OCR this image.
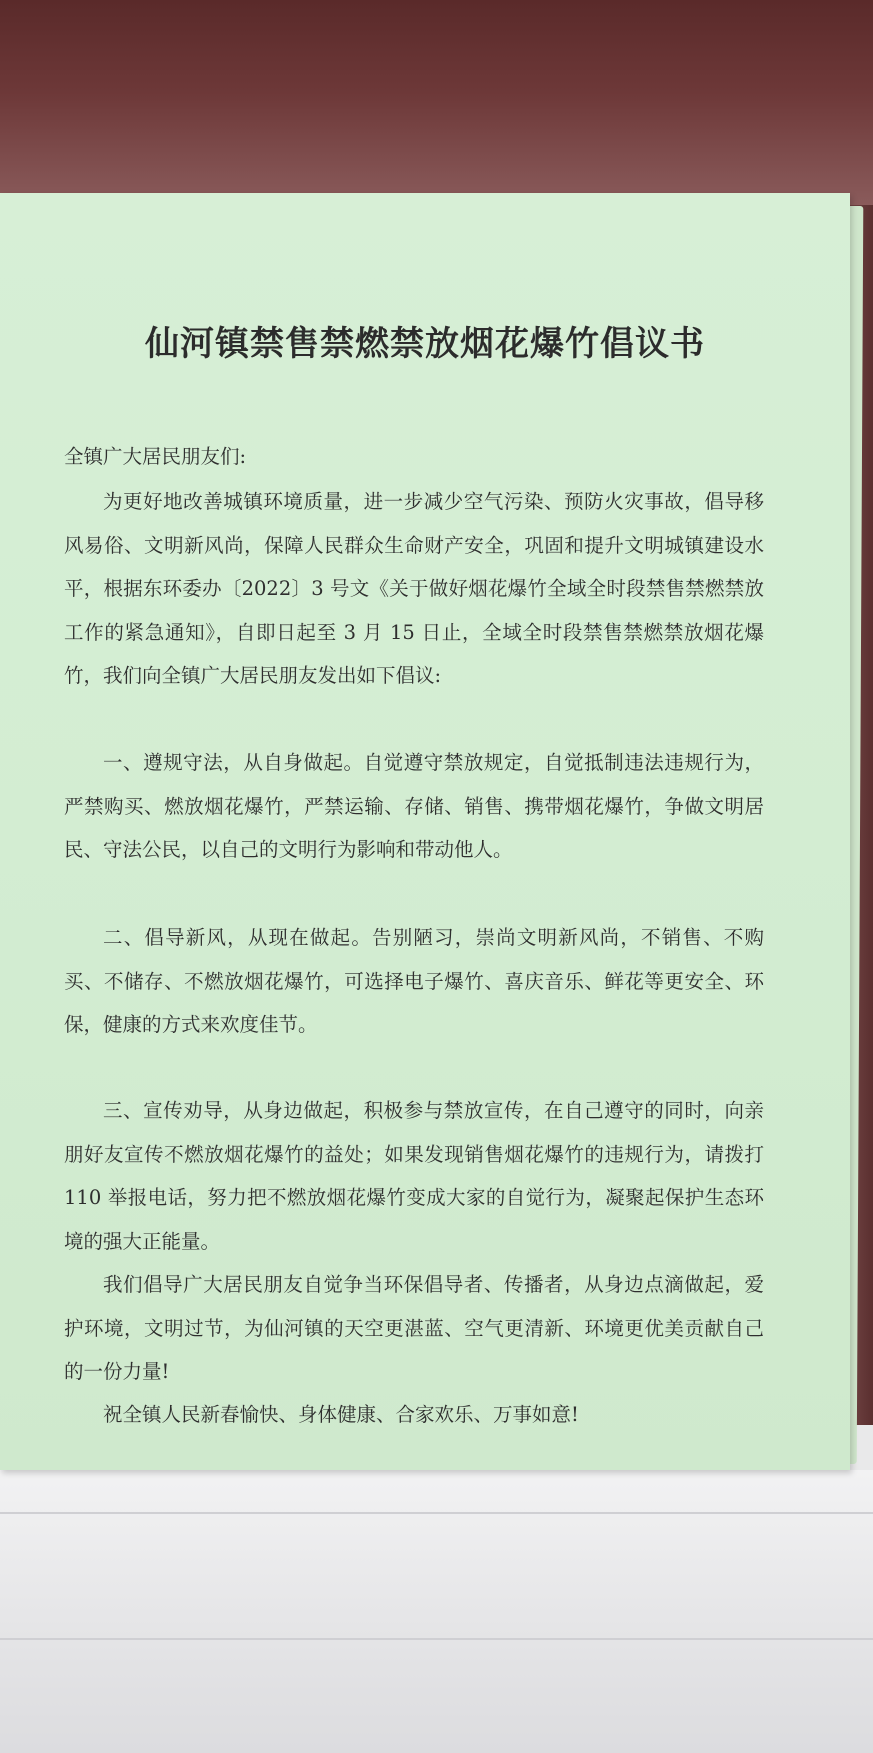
仙河镇禁售禁燃禁放烟花爆竹倡议书
全镇广大居民朋友们:
为更好地改善城镇环境质量，进一步减少空气污染、预防火灾事故，倡导移风易俗、文明新风尚，保障人民群众生命财产安全，巩固和提升文明城镇建设水平，根据东环委办〔2022〕3 号文《关于做好烟花爆竹全域全时段禁售禁燃禁放工作的紧急通知》，自即日起至 3 月 15 日止，全域全时段禁售禁燃禁放烟花爆竹，我们向全镇广大居民朋友发出如下倡议:
一、遵规守法，从自身做起。自觉遵守禁放规定，自觉抵制违法违规行为，严禁购买、燃放烟花爆竹，严禁运输、存储、销售、携带烟花爆竹，争做文明居民、守法公民，以自己的文明行为影响和带动他人。
二、倡导新风，从现在做起。告别陋习，崇尚文明新风尚，不销售、不购买、不储存、不燃放烟花爆竹，可选择电子爆竹、喜庆音乐、鲜花等更安全、环保，健康的方式来欢度佳节。
三、宣传劝导，从身边做起，积极参与禁放宣传，在自己遵守的同时，向亲朋好友宣传不燃放烟花爆竹的益处；如果发现销售烟花爆竹的违规行为，请拨打 110 举报电话，努力把不燃放烟花爆竹变成大家的自觉行为，凝聚起保护生态环境的强大正能量。
我们倡导广大居民朋友自觉争当环保倡导者、传播者，从身边点滴做起，爱护环境，文明过节，为仙河镇的天空更湛蓝、空气更清新、环境更优美贡献自己的一份力量!
祝全镇人民新春愉快、身体健康、合家欢乐、万事如意!
